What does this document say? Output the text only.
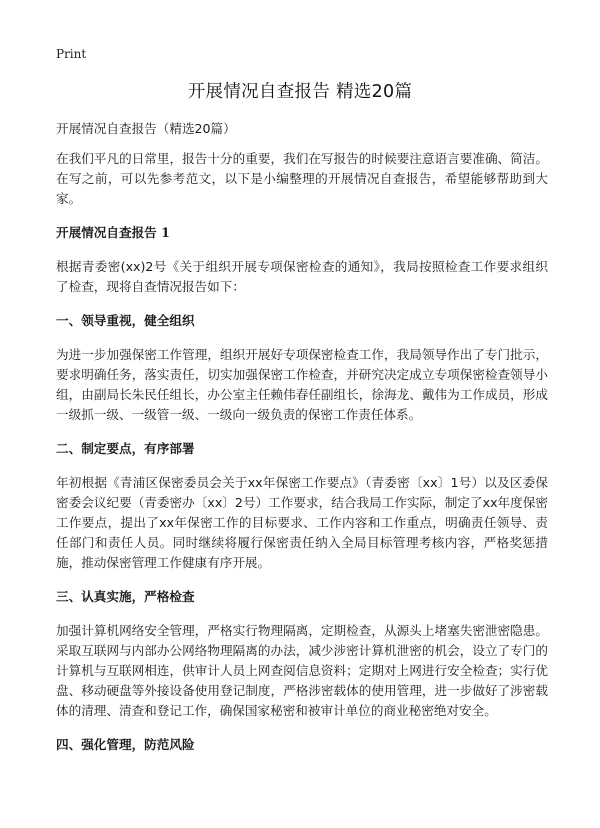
Print
开展情况自查报告 精选20篇

开展情况自查报告（精选20篇）

在我们平凡的日常里，报告十分的重要，我们在写报告的时候要注意语言要准确、简洁。在写之前，可以先参考范文，以下是小编整理的开展情况自查报告，希望能够帮助到大家。

开展情况自查报告 1

根据青委密(xx)2号《关于组织开展专项保密检查的通知》，我局按照检查工作要求组织了检查，现将自查情况报告如下：

一、领导重视，健全组织

为进一步加强保密工作管理，组织开展好专项保密检查工作，我局领导作出了专门批示，要求明确任务，落实责任，切实加强保密工作检查，并研究决定成立专项保密检查领导小组，由副局长朱民任组长，办公室主任赖伟春任副组长，徐海龙、戴伟为工作成员，形成一级抓一级、一级管一级、一级向一级负责的保密工作责任体系。

二、制定要点，有序部署

年初根据《青浦区保密委员会关于xx年保密工作要点》（青委密〔xx〕1号）以及区委保密委会议纪要（青委密办〔xx〕2号）工作要求，结合我局工作实际，制定了xx年度保密工作要点，提出了xx年保密工作的目标要求、工作内容和工作重点，明确责任领导、责任部门和责任人员。同时继续将履行保密责任纳入全局目标管理考核内容，严格奖惩措施，推动保密管理工作健康有序开展。

三、认真实施，严格检查

加强计算机网络安全管理，严格实行物理隔离，定期检查，从源头上堵塞失密泄密隐患。采取互联网与内部办公网络物理隔离的办法，减少涉密计算机泄密的机会，设立了专门的计算机与互联网相连，供审计人员上网查阅信息资料；定期对上网进行安全检查；实行优盘、移动硬盘等外接设备使用登记制度，严格涉密载体的使用管理，进一步做好了涉密载体的清理、清查和登记工作，确保国家秘密和被审计单位的商业秘密绝对安全。

四、强化管理，防范风险
